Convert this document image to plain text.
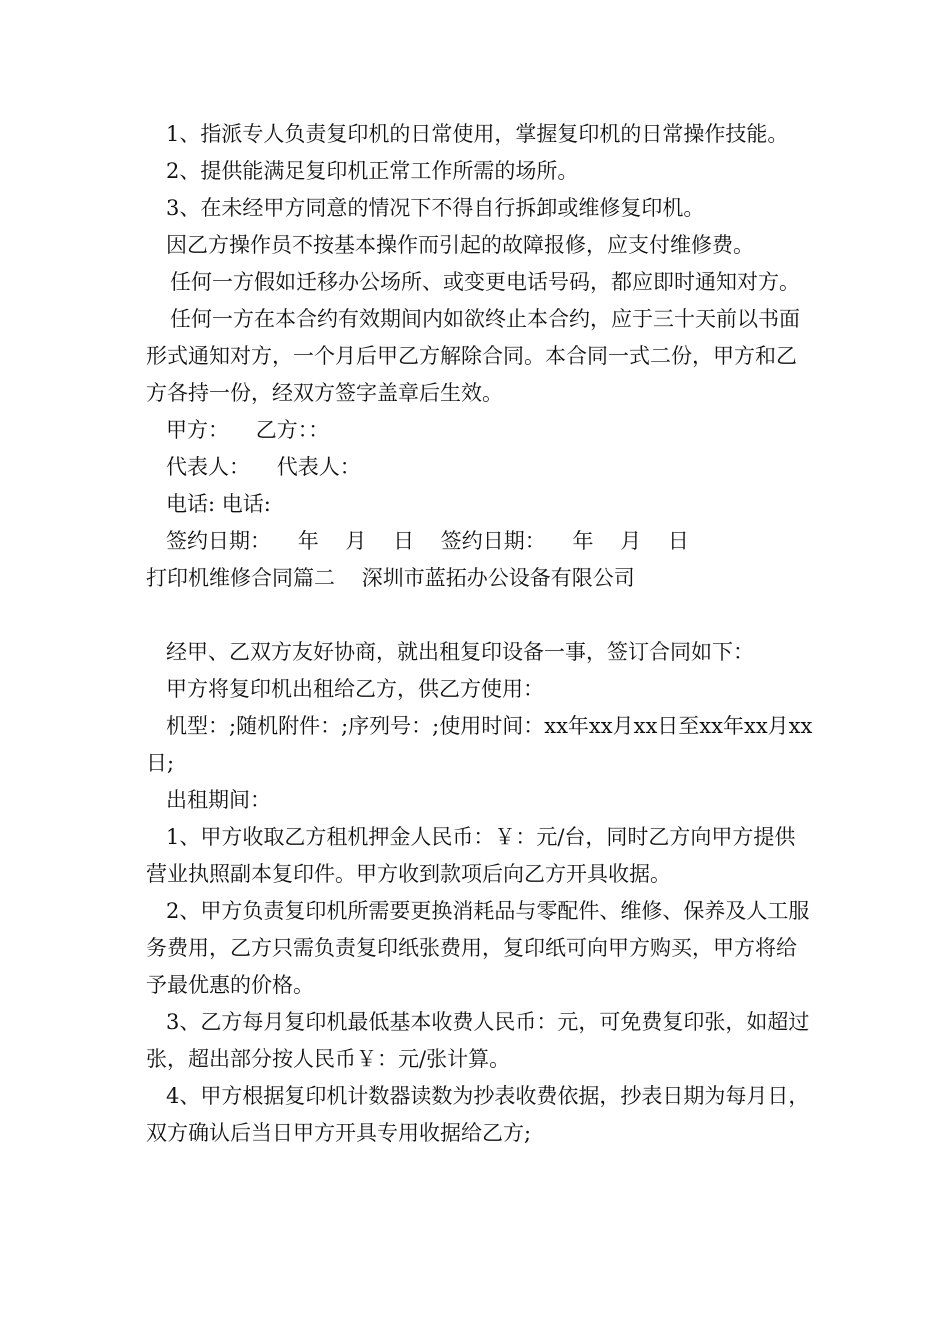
1、指派专人负责复印机的日常使用，掌握复印机的日常操作技能。

2、提供能满足复印机正常工作所需的场所。

3、在未经甲方同意的情况下不得自行拆卸或维修复印机。

因乙方操作员不按基本操作而引起的故障报修，应支付维修费。

任何一方假如迁移办公场所、或变更电话号码，都应即时通知对方。

任何一方在本合约有效期间内如欲终止本合约，应于三十天前以书面形式通知对方，一个月后甲乙方解除合同。本合同一式二份，甲方和乙方各持一份，经双方签字盖章后生效。

甲方：    乙方：：

代表人：    代表人：

电话: 电话:

签约日期：    年    月    日    签约日期：    年    月    日

打印机维修合同篇二    深圳市蓝拓办公设备有限公司

经甲、乙双方友好协商，就出租复印设备一事，签订合同如下：

甲方将复印机出租给乙方，供乙方使用：

机型：;随机附件：;序列号：;使用时间：xx年xx月xx日至xx年xx月xx日;

出租期间：

1、甲方收取乙方租机押金人民币：￥：元/台，同时乙方向甲方提供营业执照副本复印件。甲方收到款项后向乙方开具收据。

2、甲方负责复印机所需要更换消耗品与零配件、维修、保养及人工服务费用，乙方只需负责复印纸张费用，复印纸可向甲方购买，甲方将给予最优惠的价格。

3、乙方每月复印机最低基本收费人民币：元，可免费复印张，如超过张，超出部分按人民币￥：元/张计算。

4、甲方根据复印机计数器读数为抄表收费依据，抄表日期为每月日，双方确认后当日甲方开具专用收据给乙方;
